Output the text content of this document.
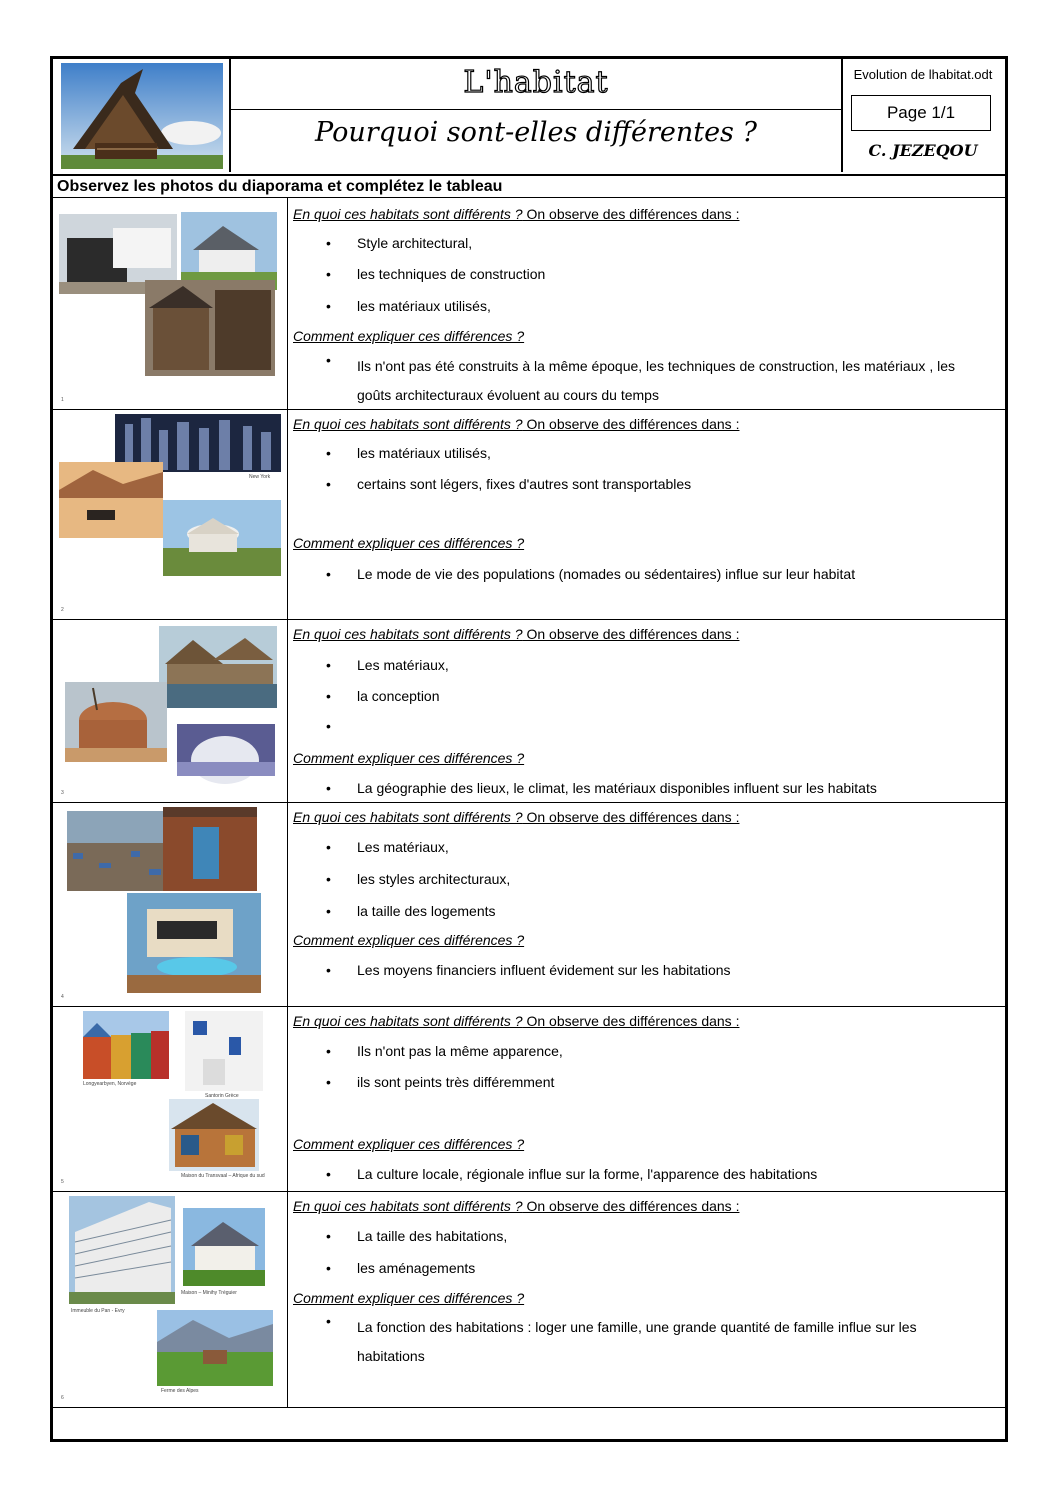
L'habitat
Pourquoi sont-elles différentes ?
Evolution de lhabitat.odt
Page 1/1
C. JEZEQOU
Observez les photos du diaporama et complétez le tableau
1
En quoi ces habitats sont différents ? On observe des différences dans :
Style architectural,
les techniques de construction
les matériaux utilisés,
Comment expliquer ces différences ?
Ils n'ont pas été construits à la même époque, les techniques de construction, les matériaux , les goûts architecturaux évoluent au cours du temps
New York
2
En quoi ces habitats sont différents ? On observe des différences dans :
les matériaux utilisés,
certains sont légers, fixes d'autres sont transportables
Comment expliquer ces différences ?
Le mode de vie des populations (nomades ou sédentaires) influe sur leur habitat
3
En quoi ces habitats sont différents ? On observe des différences dans :
Les matériaux,
la conception
Comment expliquer ces différences ?
La géographie des lieux, le climat, les matériaux disponibles influent sur les habitats
4
En quoi ces habitats sont différents ? On observe des différences dans :
Les matériaux,
les styles architecturaux,
la taille des logements
Comment expliquer ces différences ?
Les moyens financiers influent évidement sur les habitations
Longyearbyen, Norvège
Santorin Grèce
Maison du Transvaal – Afrique du sud
5
En quoi ces habitats sont différents ? On observe des différences dans :
Ils n'ont pas la même apparence,
ils sont peints très différemment
Comment expliquer ces différences ?
La culture locale, régionale influe sur la forme, l'apparence des habitations
Immeuble du Pan - Evry
Maison – Minihy Tréguier
Ferme des Alpes
6
En quoi ces habitats sont différents ? On observe des différences dans :
La taille des habitations,
les aménagements
Comment expliquer ces différences ?
La fonction des habitations : loger une famille, une grande quantité de famille influe sur les habitations
